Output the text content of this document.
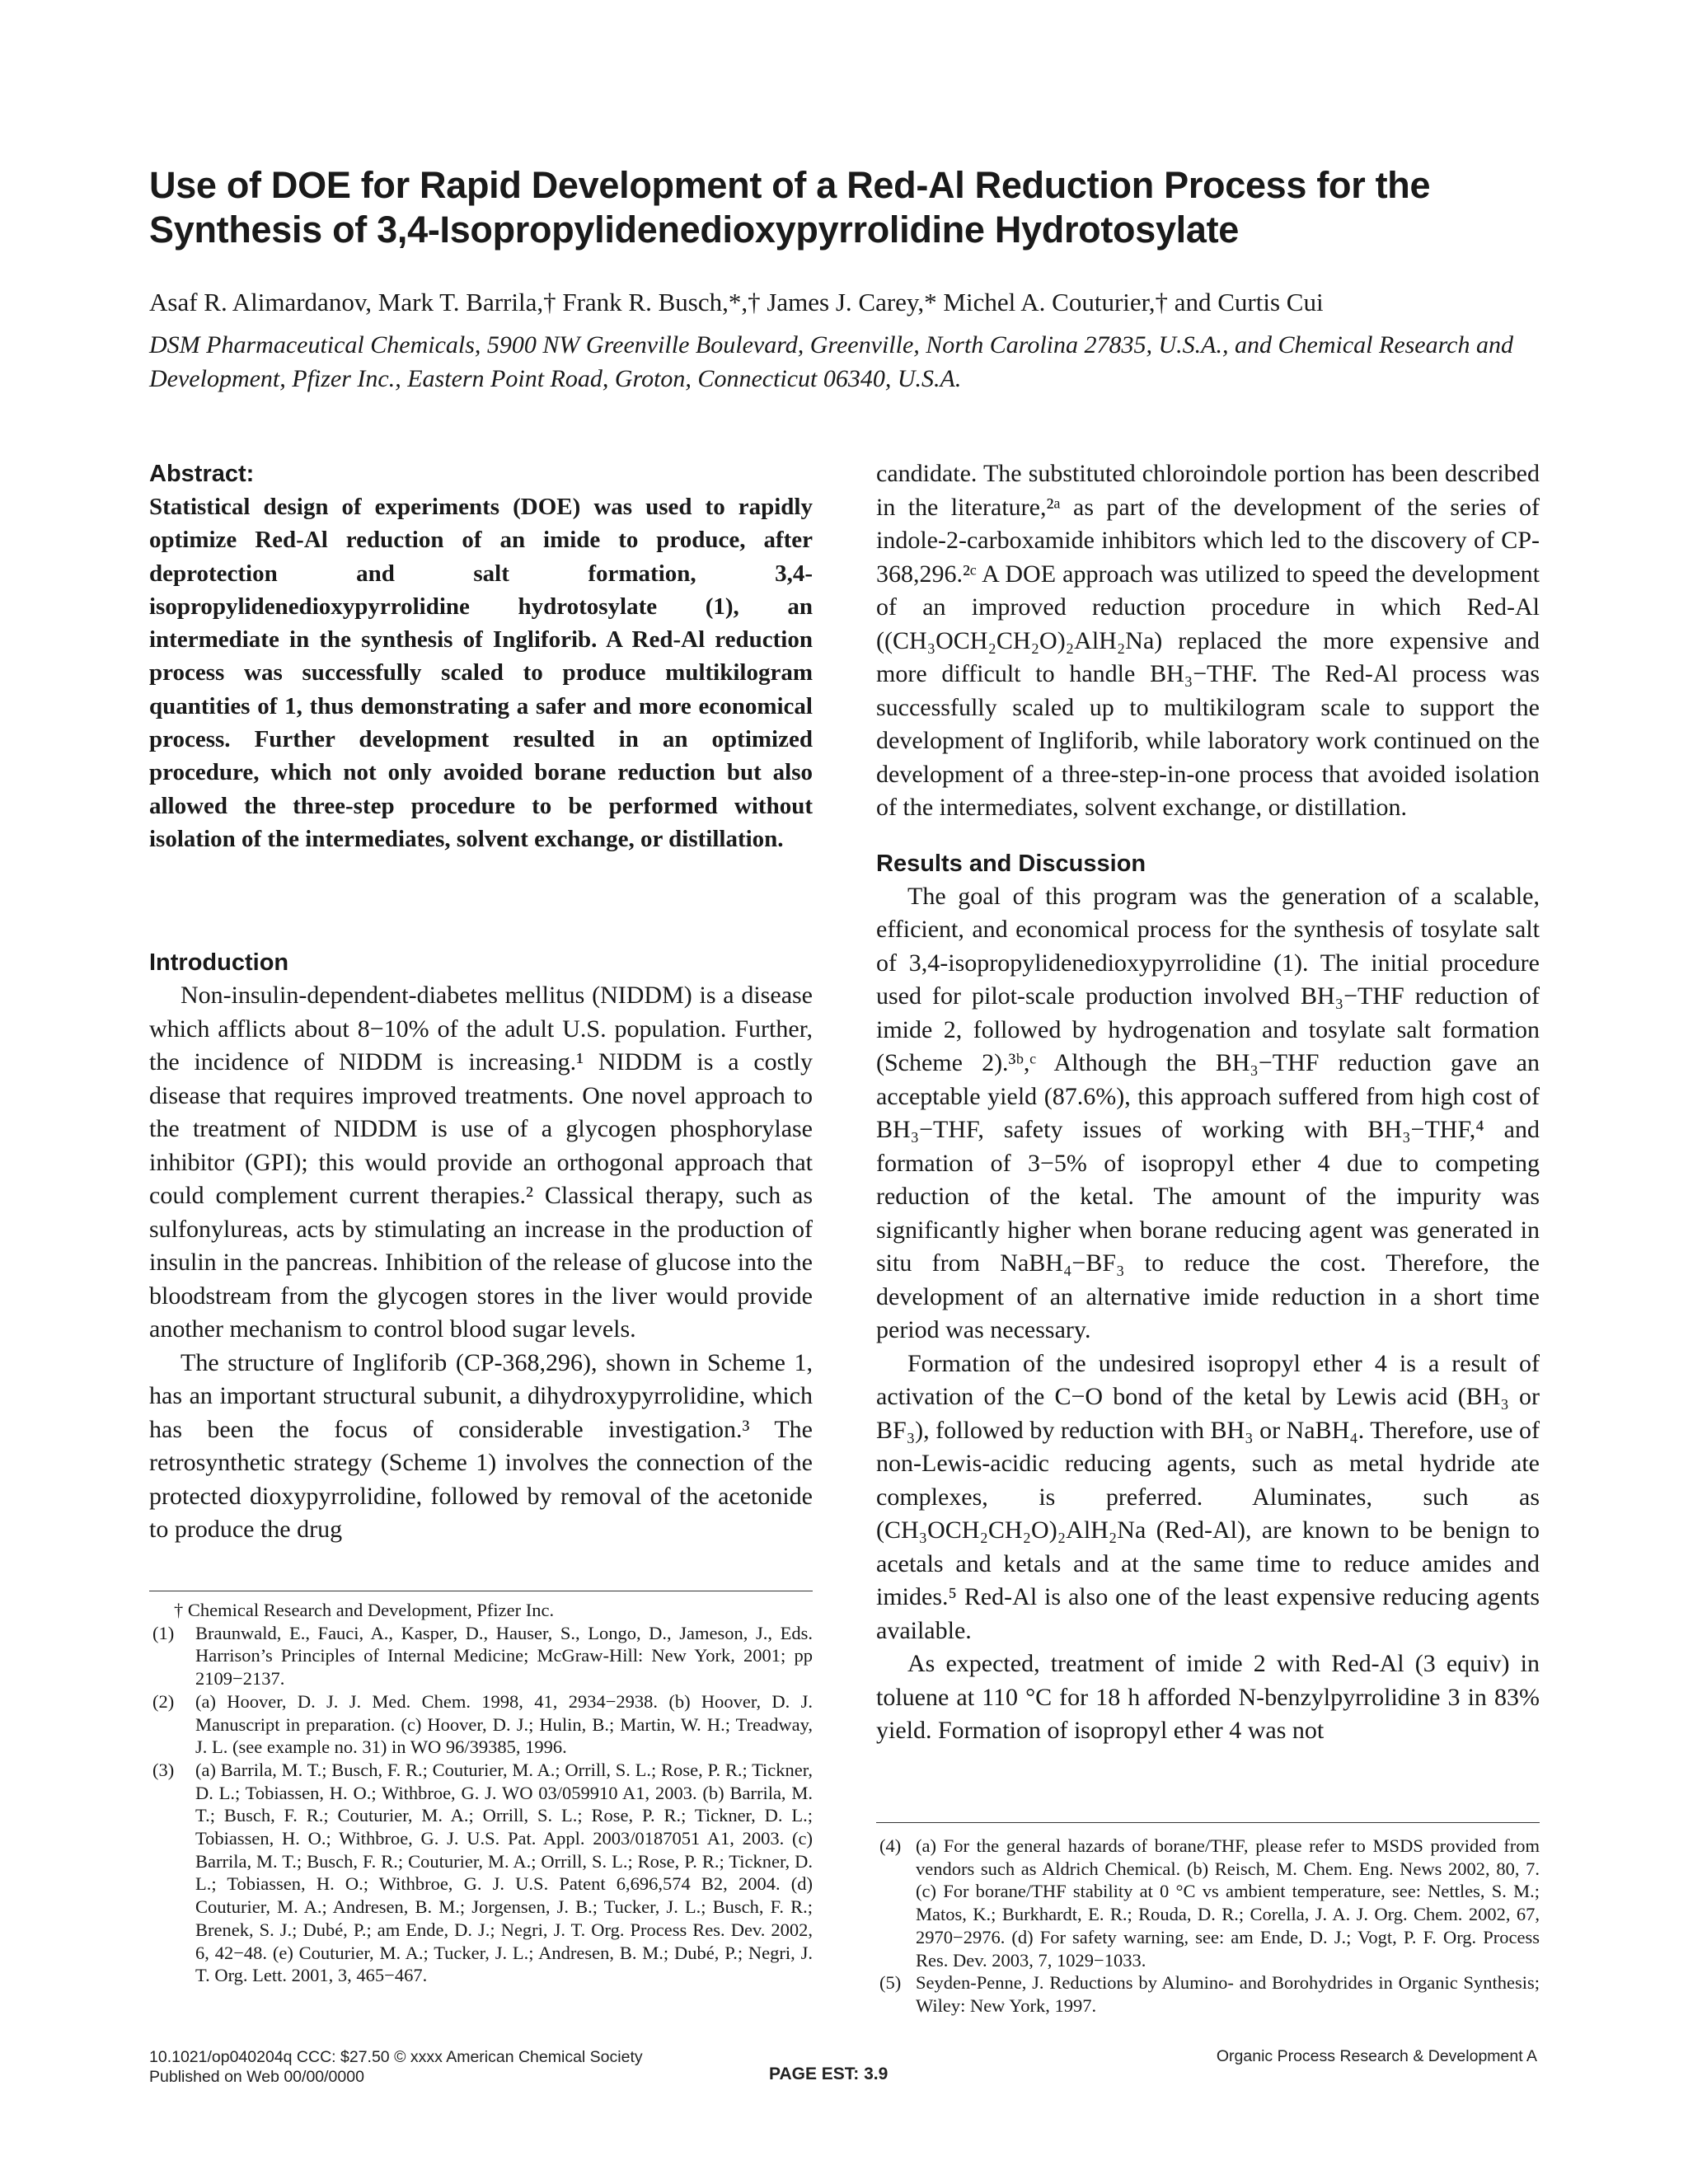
Use of DOE for Rapid Development of a Red-Al Reduction Process for the Synthesis of 3,4-Isopropylidenedioxypyrrolidine Hydrotosylate

Asaf R. Alimardanov, Mark T. Barrila,† Frank R. Busch,*,† James J. Carey,* Michel A. Couturier,† and Curtis Cui

DSM Pharmaceutical Chemicals, 5900 NW Greenville Boulevard, Greenville, North Carolina 27835, U.S.A., and Chemical Research and Development, Pfizer Inc., Eastern Point Road, Groton, Connecticut 06340, U.S.A.

Abstract:

Statistical design of experiments (DOE) was used to rapidly optimize Red-Al reduction of an imide to produce, after deprotection and salt formation, 3,4-isopropylidenedioxypyrrolidine hydrotosylate (1), an intermediate in the synthesis of Ingliforib. A Red-Al reduction process was successfully scaled to produce multikilogram quantities of 1, thus demonstrating a safer and more economical process. Further development resulted in an optimized procedure, which not only avoided borane reduction but also allowed the three-step procedure to be performed without isolation of the intermediates, solvent exchange, or distillation.

Introduction

Non-insulin-dependent-diabetes mellitus (NIDDM) is a disease which afflicts about 8−10% of the adult U.S. population. Further, the incidence of NIDDM is increasing.¹ NIDDM is a costly disease that requires improved treatments. One novel approach to the treatment of NIDDM is use of a glycogen phosphorylase inhibitor (GPI); this would provide an orthogonal approach that could complement current therapies.² Classical therapy, such as sulfonylureas, acts by stimulating an increase in the production of insulin in the pancreas. Inhibition of the release of glucose into the bloodstream from the glycogen stores in the liver would provide another mechanism to control blood sugar levels.

The structure of Ingliforib (CP-368,296), shown in Scheme 1, has an important structural subunit, a dihydroxypyrrolidine, which has been the focus of considerable investigation.³ The retrosynthetic strategy (Scheme 1) involves the connection of the protected dioxypyrrolidine, followed by removal of the acetonide to produce the drug

candidate. The substituted chloroindole portion has been described in the literature,²ᵃ as part of the development of the series of indole-2-carboxamide inhibitors which led to the discovery of CP-368,296.²ᶜ A DOE approach was utilized to speed the development of an improved reduction procedure in which Red-Al ((CH₃OCH₂CH₂O)₂AlH₂Na) replaced the more expensive and more difficult to handle BH₃−THF. The Red-Al process was successfully scaled up to multikilogram scale to support the development of Ingliforib, while laboratory work continued on the development of a three-step-in-one process that avoided isolation of the intermediates, solvent exchange, or distillation.

Results and Discussion

The goal of this program was the generation of a scalable, efficient, and economical process for the synthesis of tosylate salt of 3,4-isopropylidenedioxypyrrolidine (1). The initial procedure used for pilot-scale production involved BH₃−THF reduction of imide 2, followed by hydrogenation and tosylate salt formation (Scheme 2).³ᵇ,ᶜ Although the BH₃−THF reduction gave an acceptable yield (87.6%), this approach suffered from high cost of BH₃−THF, safety issues of working with BH₃−THF,⁴ and formation of 3−5% of isopropyl ether 4 due to competing reduction of the ketal. The amount of the impurity was significantly higher when borane reducing agent was generated in situ from NaBH₄−BF₃ to reduce the cost. Therefore, the development of an alternative imide reduction in a short time period was necessary.

Formation of the undesired isopropyl ether 4 is a result of activation of the C−O bond of the ketal by Lewis acid (BH₃ or BF₃), followed by reduction with BH₃ or NaBH₄. Therefore, use of non-Lewis-acidic reducing agents, such as metal hydride ate complexes, is preferred. Aluminates, such as (CH₃OCH₂CH₂O)₂AlH₂Na (Red-Al), are known to be benign to acetals and ketals and at the same time to reduce amides and imides.⁵ Red-Al is also one of the least expensive reducing agents available.

As expected, treatment of imide 2 with Red-Al (3 equiv) in toluene at 110 °C for 18 h afforded N-benzylpyrrolidine 3 in 83% yield. Formation of isopropyl ether 4 was not

† Chemical Research and Development, Pfizer Inc.

(1) Braunwald, E., Fauci, A., Kasper, D., Hauser, S., Longo, D., Jameson, J., Eds. Harrison’s Principles of Internal Medicine; McGraw-Hill: New York, 2001; pp 2109−2137.
(2) (a) Hoover, D. J. J. Med. Chem. 1998, 41, 2934−2938. (b) Hoover, D. J. Manuscript in preparation. (c) Hoover, D. J.; Hulin, B.; Martin, W. H.; Treadway, J. L. (see example no. 31) in WO 96/39385, 1996.
(3) (a) Barrila, M. T.; Busch, F. R.; Couturier, M. A.; Orrill, S. L.; Rose, P. R.; Tickner, D. L.; Tobiassen, H. O.; Withbroe, G. J. WO 03/059910 A1, 2003. (b) Barrila, M. T.; Busch, F. R.; Couturier, M. A.; Orrill, S. L.; Rose, P. R.; Tickner, D. L.; Tobiassen, H. O.; Withbroe, G. J. U.S. Pat. Appl. 2003/0187051 A1, 2003. (c) Barrila, M. T.; Busch, F. R.; Couturier, M. A.; Orrill, S. L.; Rose, P. R.; Tickner, D. L.; Tobiassen, H. O.; Withbroe, G. J. U.S. Patent 6,696,574 B2, 2004. (d) Couturier, M. A.; Andresen, B. M.; Jorgensen, J. B.; Tucker, J. L.; Busch, F. R.; Brenek, S. J.; Dubé, P.; am Ende, D. J.; Negri, J. T. Org. Process Res. Dev. 2002, 6, 42−48. (e) Couturier, M. A.; Tucker, J. L.; Andresen, B. M.; Dubé, P.; Negri, J. T. Org. Lett. 2001, 3, 465−467.
(4) (a) For the general hazards of borane/THF, please refer to MSDS provided from vendors such as Aldrich Chemical. (b) Reisch, M. Chem. Eng. News 2002, 80, 7. (c) For borane/THF stability at 0 °C vs ambient temperature, see: Nettles, S. M.; Matos, K.; Burkhardt, E. R.; Rouda, D. R.; Corella, J. A. J. Org. Chem. 2002, 67, 2970−2976. (d) For safety warning, see: am Ende, D. J.; Vogt, P. F. Org. Process Res. Dev. 2003, 7, 1029−1033.
(5) Seyden-Penne, J. Reductions by Alumino- and Borohydrides in Organic Synthesis; Wiley: New York, 1997.
10.1021/op040204q CCC: $27.50 © xxxx American Chemical Society
Published on Web 00/00/0000	PAGE EST: 3.9
Organic Process Research & Development A
